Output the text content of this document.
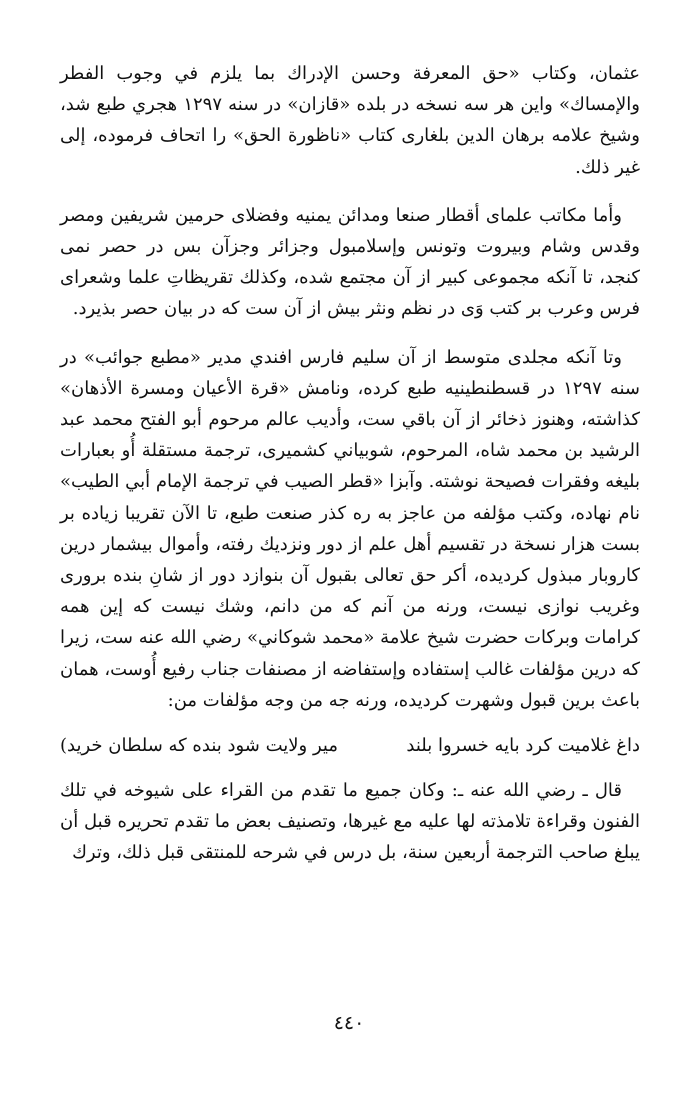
عثمان، وكتاب «حق المعرفة وحسن الإدراك بما يلزم في وجوب الفطر والإمساك» واين هر سه نسخه در بلده «قازان» در سنه ۱۲۹۷ هجري طبع شد، وشيخ علامه برهان الدين بلغارى كتاب «ناظورة الحق» را اتحاف فرموده، إلى غير ذلك.

وأما مكاتب علماى أقطار صنعا ومدائن يمنيه وفضلاى حرمين شريفين ومصر وقدس وشام وبيروت وتونس وإسلامبول وجزائر وجزآن بس در حصر نمى كنجد، تا آنكه مجموعى كبير از آن مجتمع شده، وكذلك تقريظاتِ علما وشعراى فرس وعرب بر كتب وَى در نظم ونثر بيش از آن ست كه در بيان حصر بذيرد.

وتا آنكه مجلدى متوسط از آن سليم فارس افندي مدير «مطبع جوائب» در سنه ۱۲۹۷ در قسطنطينيه طبع كرده، ونامش «قرة الأعيان ومسرة الأذهان» كذاشته، وهنوز ذخائر از آن باقي ست، وأديب عالم مرحوم أبو الفتح محمد عبد الرشيد بن محمد شاه، المرحوم، شوبياني كشميرى، ترجمة مستقلة أُو بعبارات بليغه وفقرات فصيحة نوشته. وآبزا «قطر الصيب في ترجمة الإمام أبي الطيب» نام نهاده، وكتب مؤلفه من عاجز به ره كذر صنعت طبع، تا الآن تقريبا زياده بر بست هزار نسخة در تقسيم أهل علم از دور ونزديك رفته، وأموال بيشمار درين كاروبار مبذول كرديده، أكر حق تعالى بقبول آن بنوازد دور از شانِ بنده برورى وغريب نوازى نيست، ورنه من آنم كه من دانم، وشك نيست كه إين همه كرامات وبركات حضرت شيخ علامة «محمد شوكاني» رضي الله عنه ست، زيرا كه درين مؤلفات غالب إستفاده وإستفاضه از مصنفات جناب رفيع أُوست، همان باعث برين قبول وشهرت كرديده، ورنه جه من وجه مؤلفات من:

داغ غلاميت كرد بايه خسروا بلند
مير ولايت شود بنده كه سلطان خريد)

قال ـ رضي الله عنه ـ: وكان جميع ما تقدم من القراء على شيوخه في تلك الفنون وقراءة تلامذته لها عليه مع غيرها، وتصنيف بعض ما تقدم تحريره قبل أن يبلغ صاحب الترجمة أربعين سنة، بل درس في شرحه للمنتقى قبل ذلك، وترك

٤٤٠
